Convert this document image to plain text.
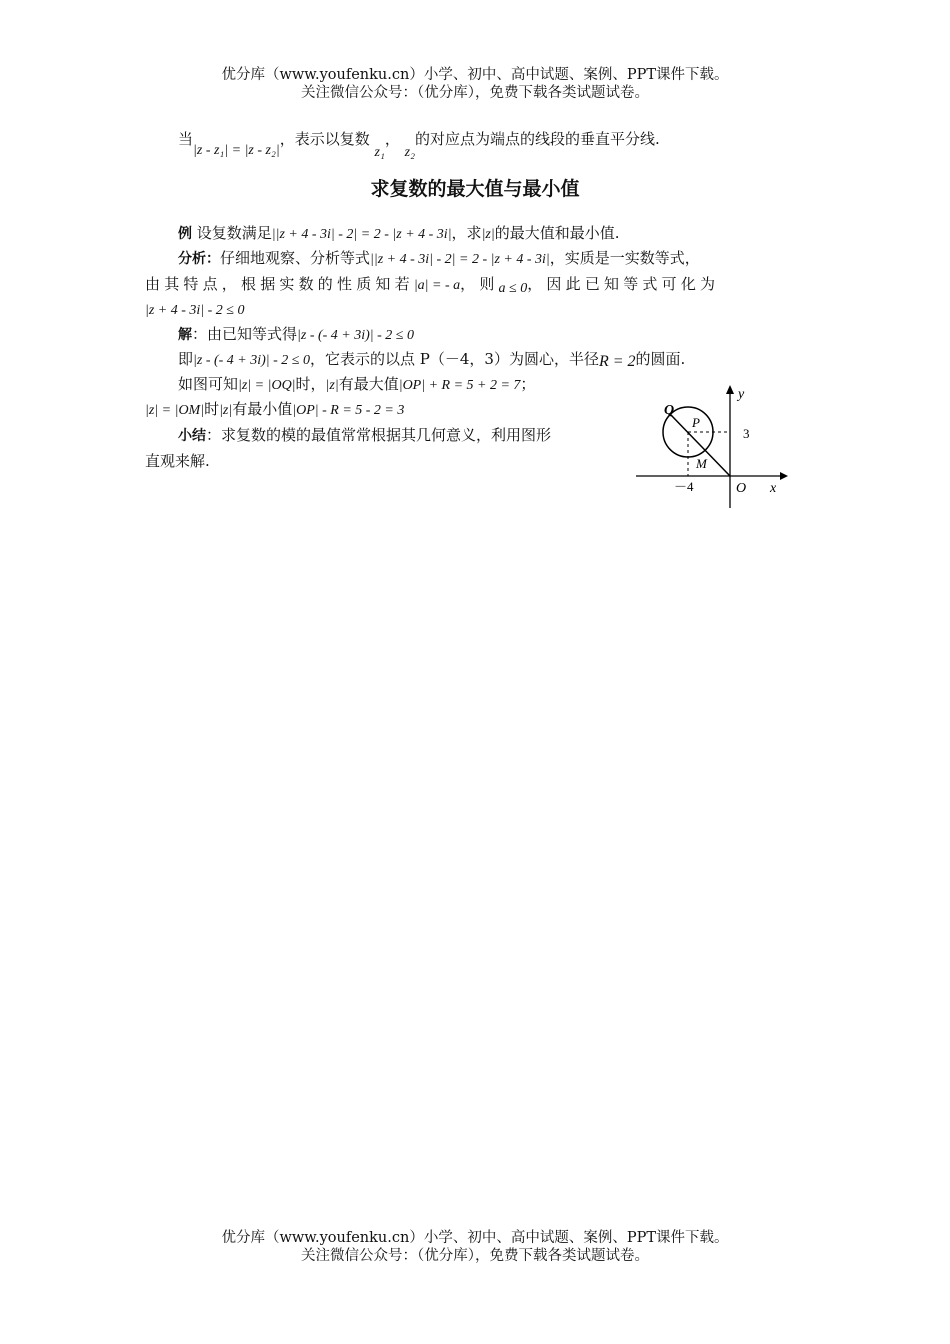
优分库（www.youfenku.cn）小学、初中、高中试题、案例、PPT课件下载。
关注微信公众号：（优分库），免费下载各类试题试卷。
当|z - z₁| = |z - z₂|，表示以复数 z₁， z₂的对应点为端点的线段的垂直平分线.
求复数的最大值与最小值
例 设复数满足||z + 4 - 3i| - 2| = 2 - |z + 4 - 3i|，求|z|的最大值和最小值.
分析：仔细地观察、分析等式||z + 4 - 3i| - 2| = 2 - |z + 4 - 3i|，实质是一实数等式，
由其特点，根据实数的性质知若|a| = - a，则a ≤ 0，因此已知等式可化为
|z + 4 - 3i| - 2 ≤ 0
解：由已知等式得|z - (- 4 + 3i)| - 2 ≤ 0
即|z - (- 4 + 3i)| - 2 ≤ 0，它表示的以点 P（－4，3）为圆心，半径R = 2的圆面.
如图可知|z| = |OQ|时，|z|有最大值|OP| + R = 5 + 2 = 7；
|z| = |OM|时|z|有最小值|OP| - R = 5 - 2 = 3
小结：求复数的模的最值常常根据其几何意义，利用图形
直观来解.
y
x
O
Q
P
M
3
－4
优分库（www.youfenku.cn）小学、初中、高中试题、案例、PPT课件下载。
关注微信公众号：（优分库），免费下载各类试题试卷。
